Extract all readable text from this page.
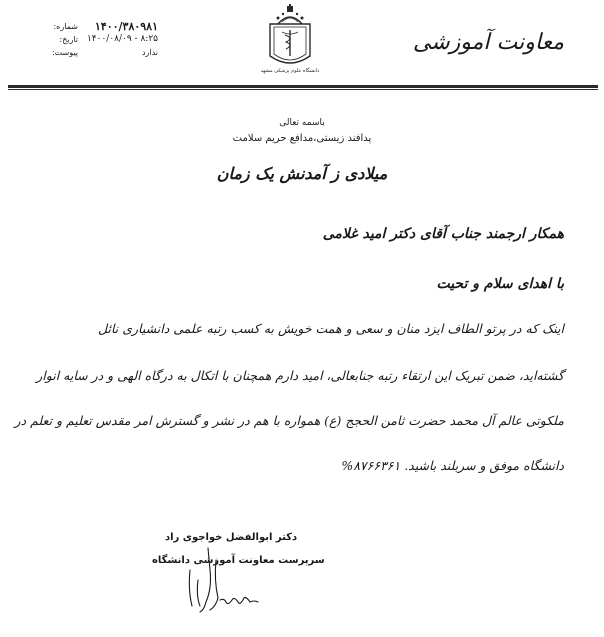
۱۴۰۰/۳۸۰۹۸۱
شماره:
۱۴۰۰/۰۸/۰۹ - ۸:۲۵
تاریخ:
ندارد
پیوست:
دانشگاه علوم پزشکی مشهد
معاونت آموزشی
باسمه تعالی
پدافند زیستی،مدافع حریم سلامت
میلادی ز آمدنش یک زمان
همکار ارجمند جناب آقای دکتر امید غلامی
با اهدای سلام و تحیت
اینک که در پرتو الطاف ایزد منان و سعی و همت خویش به کسب رتبه علمی دانشیاری نائل
گشته‌اید، ضمن تبریک این ارتقاء رتبه جنابعالی، امید دارم همچنان با اتکال به درگاه الهی و در سایه انوار
ملکوتی عالم آل محمد حضرت ثامن الحجج (ع) همواره با هم در نشر و گسترش امر مقدس تعلیم و تعلم در
دانشگاه موفق و سربلند باشید. ۸۷۶۶۳۶۱%
دکتر ابوالفضل خواجوی راد
سرپرست معاونت آموزشی دانشگاه
